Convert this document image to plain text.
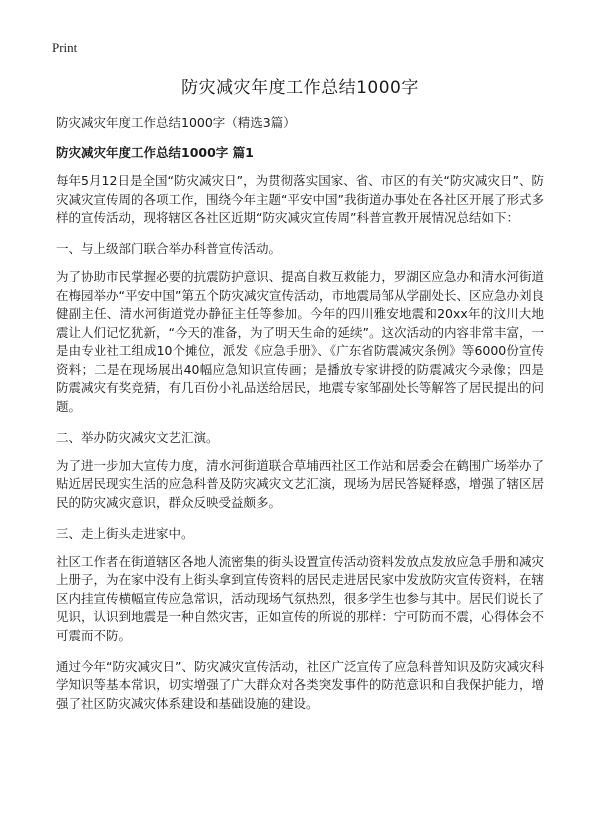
Print
防灾减灾年度工作总结1000字
防灾减灾年度工作总结1000字（精选3篇）
防灾减灾年度工作总结1000字 篇1

每年5月12日是全国“防灾减灾日”，为贯彻落实国家、省、市区的有关“防灾减灾日”、防灾减灾宣传周的各项工作，围绕今年主题“平安中国”我街道办事处在各社区开展了形式多样的宣传活动，现将辖区各社区近期“防灾减灾宣传周”科普宣教开展情况总结如下：

一、与上级部门联合举办科普宣传活动。

为了协助市民掌握必要的抗震防护意识、提高自救互救能力，罗湖区应急办和清水河街道在梅园举办“平安中国”第五个防灾减灾宣传活动，市地震局邹从学副处长、区应急办刘良健副主任、清水河街道党办静征主任等参加。今年的四川雅安地震和20xx年的汶川大地震让人们记忆犹新，“今天的准备，为了明天生命的延续”。这次活动的内容非常丰富，一是由专业社工组成10个摊位，派发《应急手册》、《广东省防震减灾条例》等6000份宣传资料；二是在现场展出40幅应急知识宣传画；是播放专家讲授的防震减灾今录像；四是防震减灾有奖竞猜，有几百份小礼品送给居民，地震专家邹副处长等解答了居民提出的问题。

二、举办防灾减灾文艺汇演。

为了进一步加大宣传力度，清水河街道联合草埔西社区工作站和居委会在鹤围广场举办了贴近居民现实生活的应急科普及防灾减灾文艺汇演，现场为居民答疑释惑，增强了辖区居民的防灾减灾意识，群众反映受益颇多。

三、走上街头走进家中。

社区工作者在街道辖区各地人流密集的街头设置宣传活动资料发放点发放应急手册和减灾上册子，为在家中没有上街头拿到宣传资料的居民走进居民家中发放防灾宣传资料，在辖区内挂宣传横幅宣传应急常识，活动现场气氛热烈，很多学生也参与其中。居民们说长了见识，认识到地震是一种自然灾害，正如宣传的所说的那样：宁可防而不震，心得体会不可震而不防。

通过今年“防灾减灾日”、防灾减灾宣传活动，社区广泛宣传了应急科普知识及防灾减灾科学知识等基本常识，切实增强了广大群众对各类突发事件的防范意识和自我保护能力，增强了社区防灾减灾体系建设和基础设施的建设。
